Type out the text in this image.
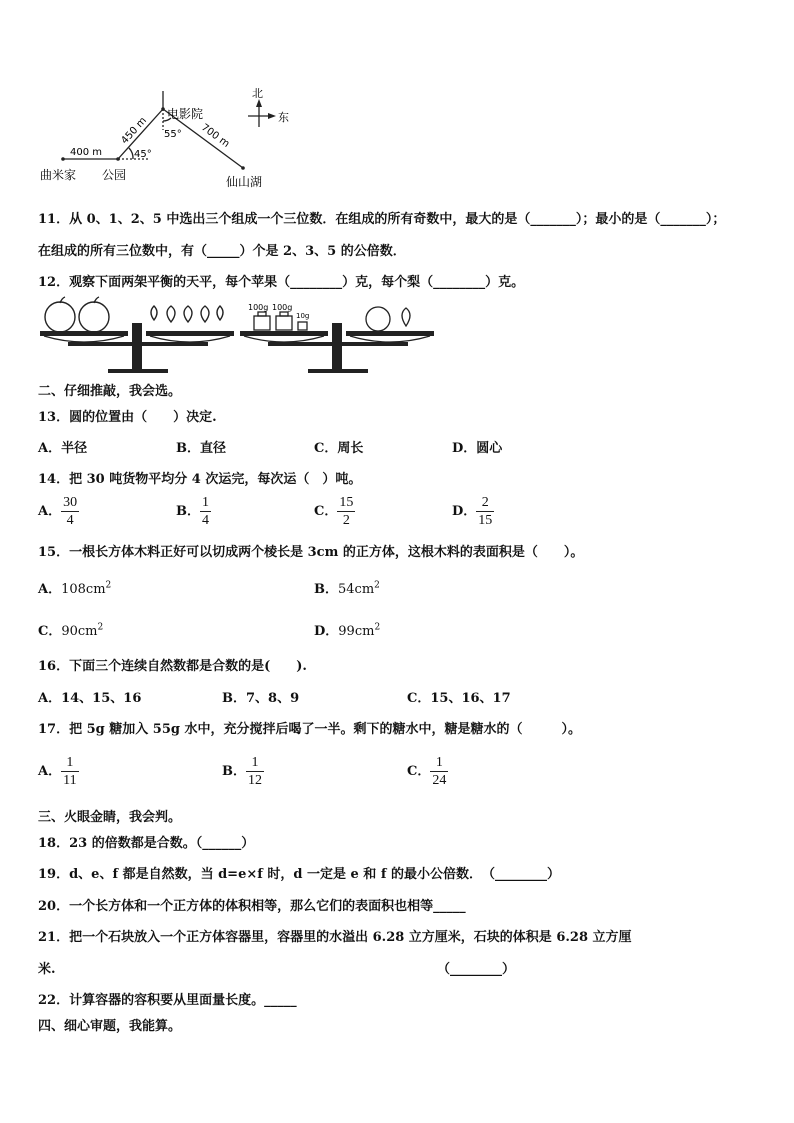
电影院
曲米家 公园	仙山湖
北
东
400 m
450 m	700 m
45°
55°
11．从 0、1、2、5 中选出三个组成一个三位数．在组成的所有奇数中，最大的是（_______）；最小的是（_______）；
在组成的所有三位数中，有（_____）个是 2、3、5 的公倍数．
12．观察下面两架平衡的天平，每个苹果（________）克，每个梨（________）克。
100g 100g
10g
二、仔细推敲，我会选。
13．圆的位置由（　　）决定.
A．半径	B．直径	C．周长	D．圆心
14．把 30 吨货物平均分 4 次运完，每次运（　）吨。
A． $\frac{30}{4}$	B． $\frac{1}{4}$	C． $\frac{15}{2}$	D． $\frac{2}{15}$
15．一根长方体木料正好可以切成两个棱长是 3cm 的正方体，这根木料的表面积是（　　）。
A．$108cm^2$	B．$54cm^2$
C．$90cm^2$	D．$99cm^2$
16．下面三个连续自然数都是合数的是(　　).
A．14、15、16	B．7、8、9	C．15、16、17
17．把 5g 糖加入 55g 水中，充分搅拌后喝了一半。剩下的糖水中，糖是糖水的（　　　）。
A． $\frac{1}{11}$	B． $\frac{1}{12}$	C． $\frac{1}{24}$
三、火眼金睛，我会判。
18．23 的倍数都是合数。（______）
19．d、e、f 都是自然数，当 d=e×f 时，d 一定是 e 和 f 的最小公倍数．　（________）
20．一个长方体和一个正方体的体积相等，那么它们的表面积也相等_____
21．把一个石块放入一个正方体容器里，容器里的水溢出 6.28 立方厘米，石块的体积是 6.28 立方厘
米.	（________）
22．计算容器的容积要从里面量长度。_____
四、细心审题，我能算。
